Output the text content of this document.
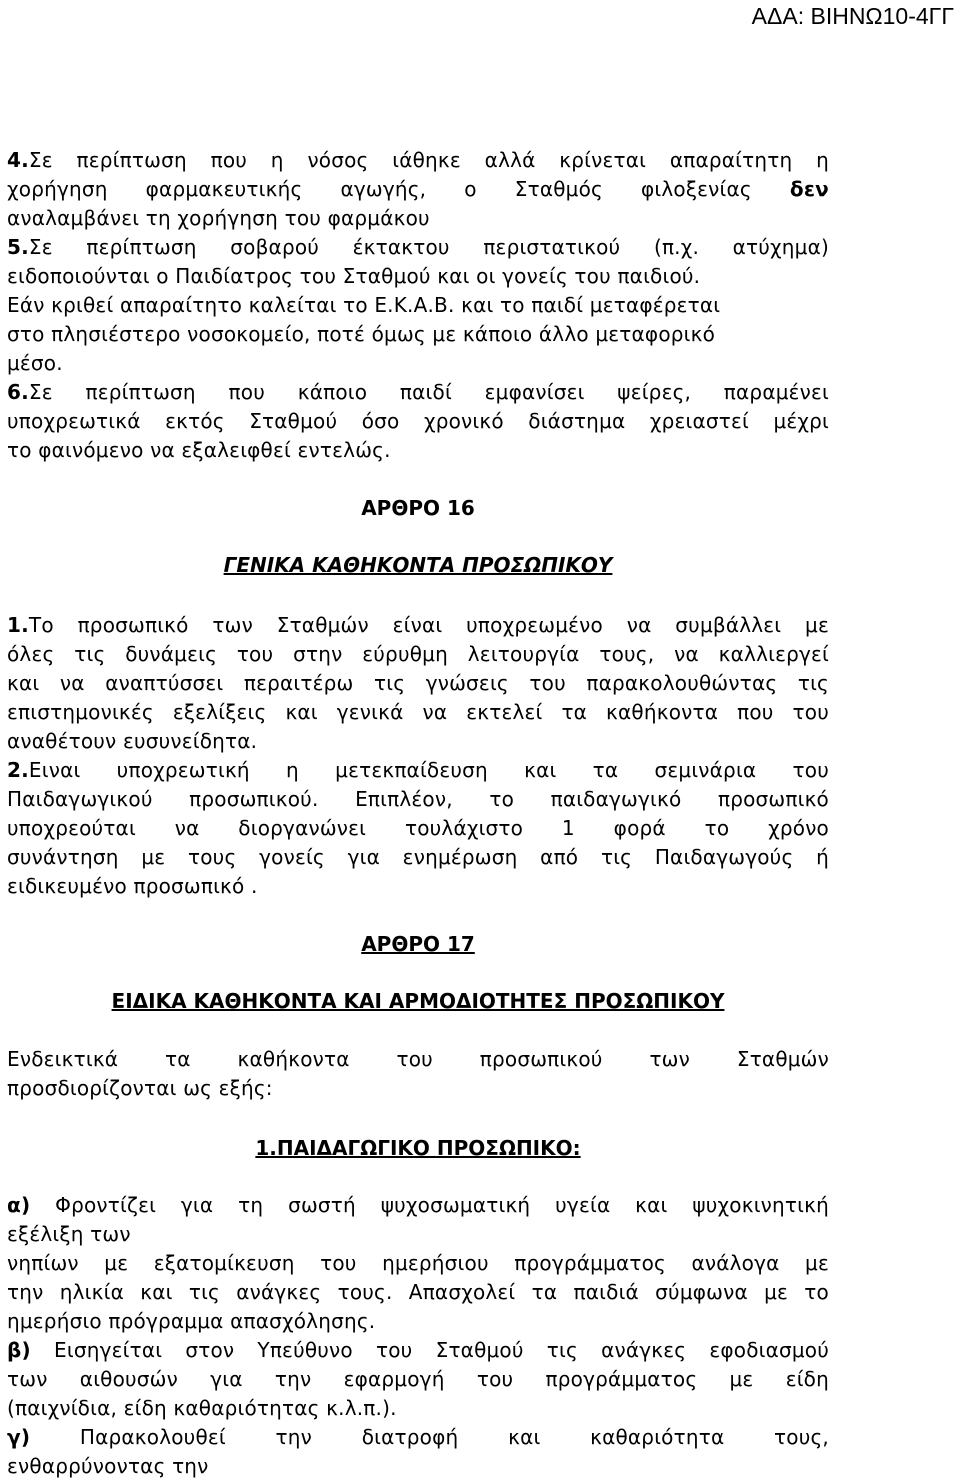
ΑΔΑ: ΒΙΗΝΩ10-4ΓΓ
4.Σε περίπτωση που η νόσος ιάθηκε αλλά κρίνεται απαραίτητη η
χορήγηση φαρμακευτικής αγωγής, ο Σταθμός φιλοξενίας δεν
αναλαμβάνει τη χορήγηση του φαρμάκου
5.Σε περίπτωση σοβαρού έκτακτου περιστατικού (π.χ. ατύχημα)
ειδοποιούνται ο Παιδίατρος του Σταθμού και οι γονείς του παιδιού.
Εάν κριθεί απαραίτητο καλείται το Ε.Κ.Α.Β. και το παιδί μεταφέρεται
στο πλησιέστερο νοσοκομείο, ποτέ όμως με κάποιο άλλο μεταφορικό
μέσο.
6.Σε περίπτωση που κάποιο παιδί εμφανίσει ψείρες, παραμένει
υποχρεωτικά εκτός Σταθμού όσο χρονικό διάστημα χρειαστεί μέχρι
το φαινόμενο να εξαλειφθεί εντελώς.
ΑΡΘΡΟ 16
ΓΕΝΙΚΑ ΚΑΘΗΚΟΝΤΑ ΠΡΟΣΩΠΙΚΟΥ
1.Το προσωπικό των Σταθμών είναι υποχρεωμένο να συμβάλλει με
όλες τις δυνάμεις του στην εύρυθμη λειτουργία τους, να καλλιεργεί
και να αναπτύσσει περαιτέρω τις γνώσεις του παρακολουθώντας τις
επιστημονικές εξελίξεις και γενικά να εκτελεί τα καθήκοντα που του
αναθέτουν ευσυνείδητα.
2.Ειναι υποχρεωτική η μετεκπαίδευση και τα σεμινάρια του
Παιδαγωγικού προσωπικού. Επιπλέον, το παιδαγωγικό προσωπικό
υποχρεούται να διοργανώνει τουλάχιστο 1 φορά το χρόνο
συνάντηση με τους γονείς για ενημέρωση από τις Παιδαγωγούς ή
ειδικευμένο προσωπικό .
ΑΡΘΡΟ 17
ΕΙΔΙΚΑ ΚΑΘΗΚΟΝΤΑ ΚΑΙ ΑΡΜΟΔΙΟΤΗΤΕΣ ΠΡΟΣΩΠΙΚΟΥ
Ενδεικτικά τα καθήκοντα του προσωπικού των Σταθμών
προσδιορίζονται ως εξής:
1.ΠΑΙΔΑΓΩΓΙΚΟ ΠΡΟΣΩΠΙΚΟ:
α) Φροντίζει για τη σωστή ψυχοσωματική υγεία και ψυχοκινητική
εξέλιξη των
νηπίων με εξατομίκευση του ημερήσιου προγράμματος ανάλογα με
την ηλικία και τις ανάγκες τους. Απασχολεί τα παιδιά σύμφωνα με το
ημερήσιο πρόγραμμα απασχόλησης.
β) Εισηγείται στον Υπεύθυνο του Σταθμού τις ανάγκες εφοδιασμού
των αιθουσών για την εφαρμογή του προγράμματος με είδη
(παιχνίδια, είδη καθαριότητας κ.λ.π.).
γ) Παρακολουθεί την διατροφή και καθαριότητα τους,
ενθαρρύνοντας την
